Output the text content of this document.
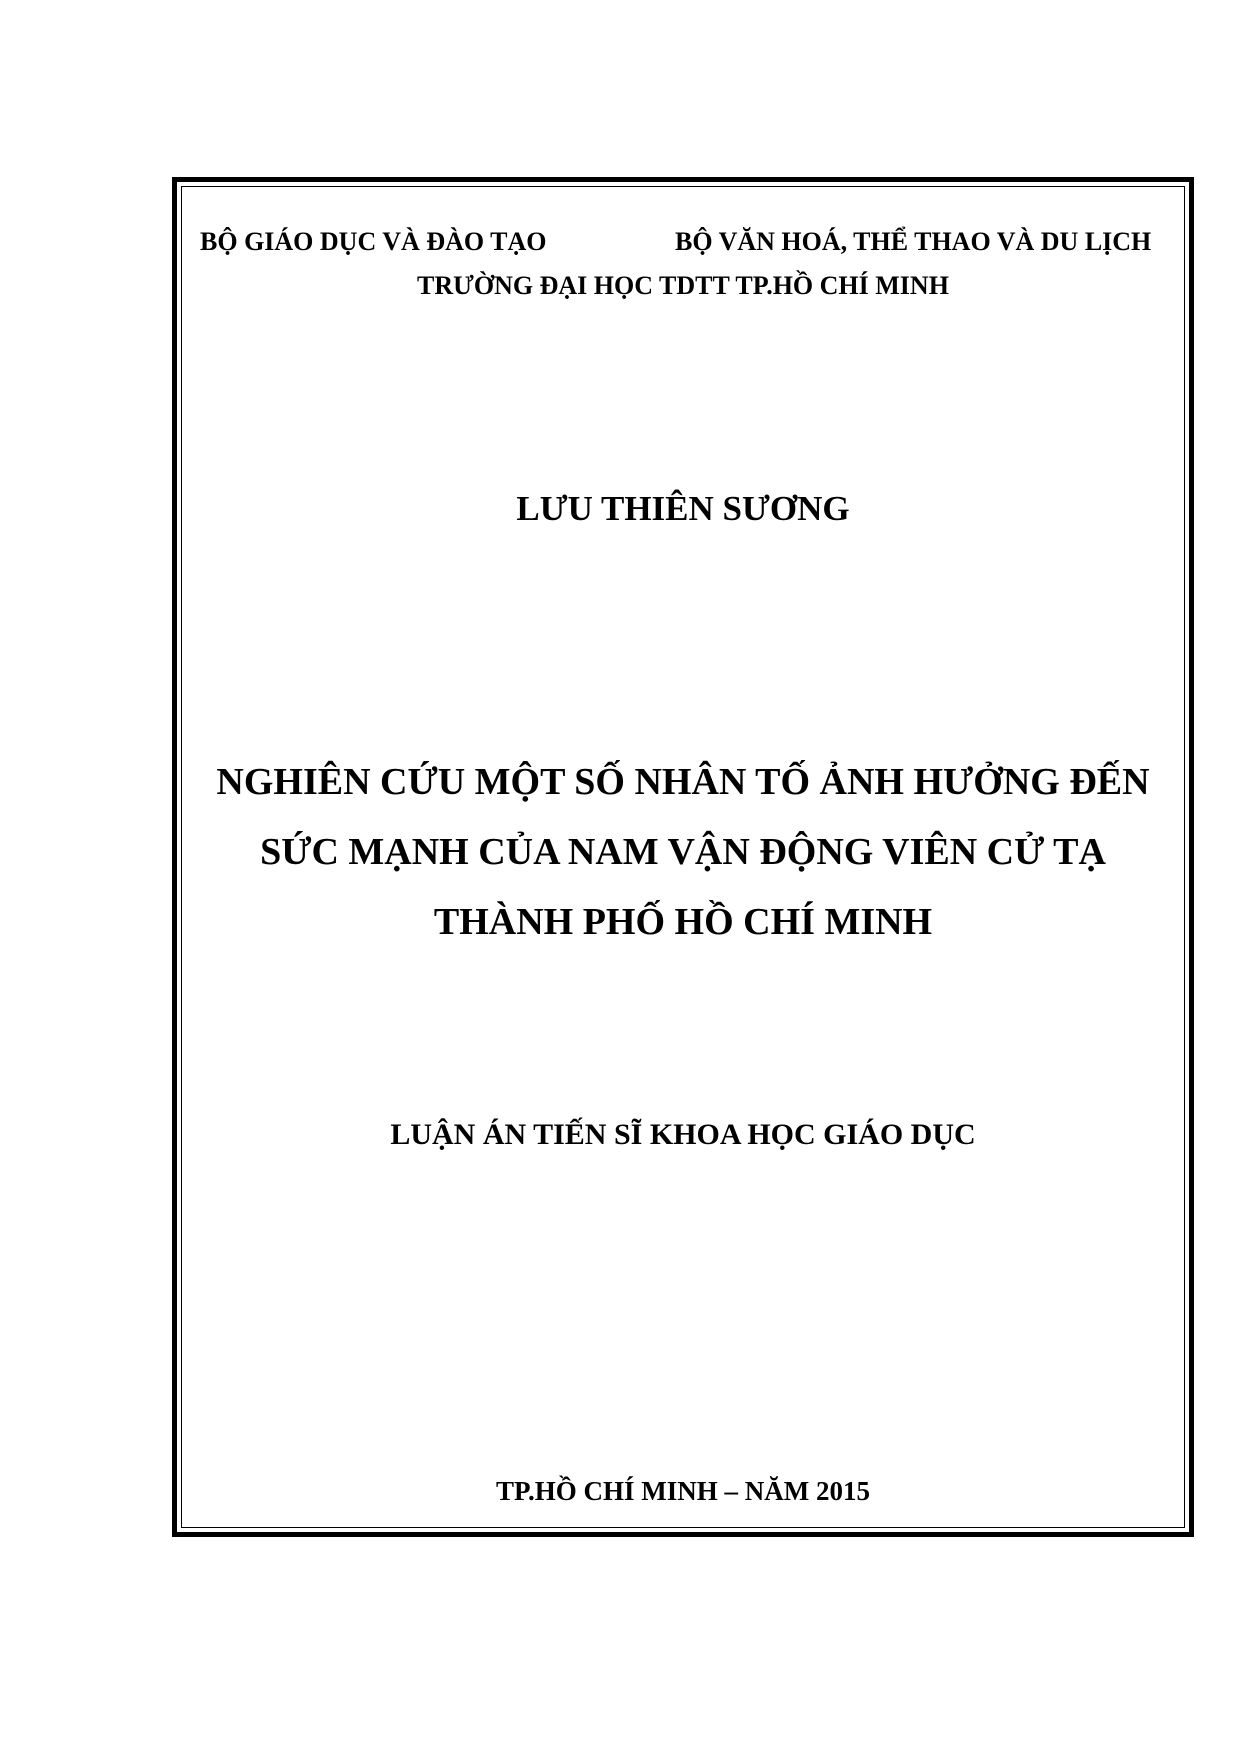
BỘ GIÁO DỤC VÀ ĐÀO TẠO	BỘ VĂN HOÁ, THỂ THAO VÀ DU LỊCH

TRƯỜNG ĐẠI HỌC TDTT TP.HỒ CHÍ MINH

LƯU THIÊN SƯƠNG

NGHIÊN CỨU MỘT SỐ NHÂN TỐ ẢNH HƯỞNG ĐẾN

SỨC MẠNH CỦA NAM VẬN ĐỘNG VIÊN CỬ TẠ

THÀNH PHỐ HỒ CHÍ MINH

LUẬN ÁN TIẾN SĨ KHOA HỌC GIÁO DỤC

TP.HỒ CHÍ MINH – NĂM 2015
